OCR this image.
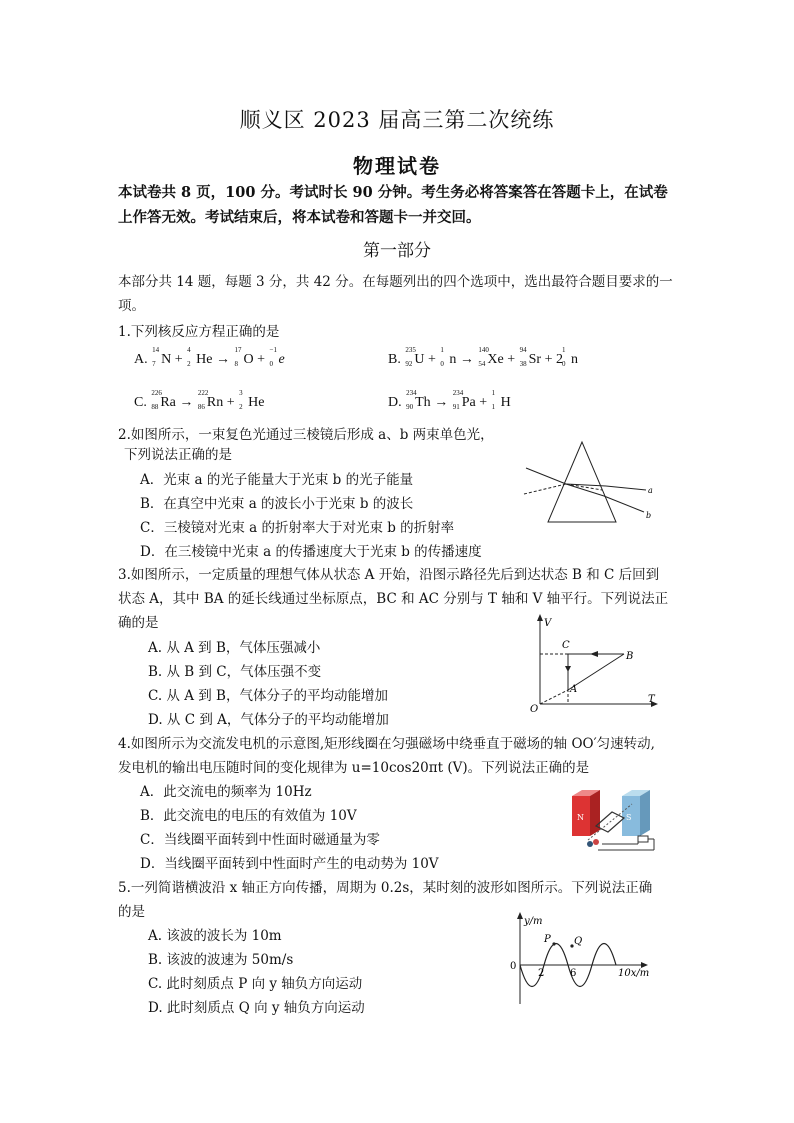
顺义区 2023 届高三第二次统练
物理试卷
本试卷共 8 页，100 分。考试时长 90 分钟。考生务必将答案答在答题卡上，在试卷上作答无效。考试结束后，将本试卷和答题卡一并交回。
第一部分
本部分共 14 题，每题 3 分，共 42 分。在每题列出的四个选项中，选出最符合题目要求的一项。
1.下列核反应方程正确的是
A.
14
7 N +
4
2 He →
17
8 O +
−1
0 e	B.
235
92 U +
1
0 n →
140
54 Xe +
94
38 Sr + 2
1
0 n
C.
226
88 Ra →
222
86 Rn +
3
2 He	D.
234
90 Th →
234
91 Pa +
1
1 H
2.如图所示，一束复色光通过三棱镜后形成 a、b 两束单色光，
下列说法正确的是
A．光束 a 的光子能量大于光束 b 的光子能量
B．在真空中光束 a 的波长小于光束 b 的波长
C．三棱镜对光束 a 的折射率大于对光束 b 的折射率
D．在三棱镜中光束 a 的传播速度大于光束 b 的传播速度
a
b
3.如图所示，一定质量的理想气体从状态 A 开始，沿图示路径先后到达状态 B 和 C 后回到
状态 A，其中 BA 的延长线通过坐标原点，BC 和 AC 分别与 T 轴和 V 轴平行。下列说法正
确的是
A. 从 A 到 B，气体压强减小
B. 从 B 到 C，气体压强不变
C. 从 A 到 B，气体分子的平均动能增加
D. 从 C 到 A，气体分子的平均动能增加
V
T
O
C
B
A
4.如图所示为交流发电机的示意图,矩形线圈在匀强磁场中绕垂直于磁场的轴 OO′匀速转动,
发电机的输出电压随时间的变化规律为 u=10cos20πt (V)。下列说法正确的是
A．此交流电的频率为 10Hz
B．此交流电的电压的有效值为 10V
C．当线圈平面转到中性面时磁通量为零
D．当线圈平面转到中性面时产生的电动势为 10V
N	S
5.一列简谐横波沿 x 轴正方向传播，周期为 0.2s，某时刻的波形如图所示。下列说法正确
的是
A. 该波的波长为 10m
B. 该波的波速为 50m/s
C. 此时刻质点 P 向 y 轴负方向运动
D. 此时刻质点 Q 向 y 轴负方向运动
y/m
10x/m
0
2	6
P Q
